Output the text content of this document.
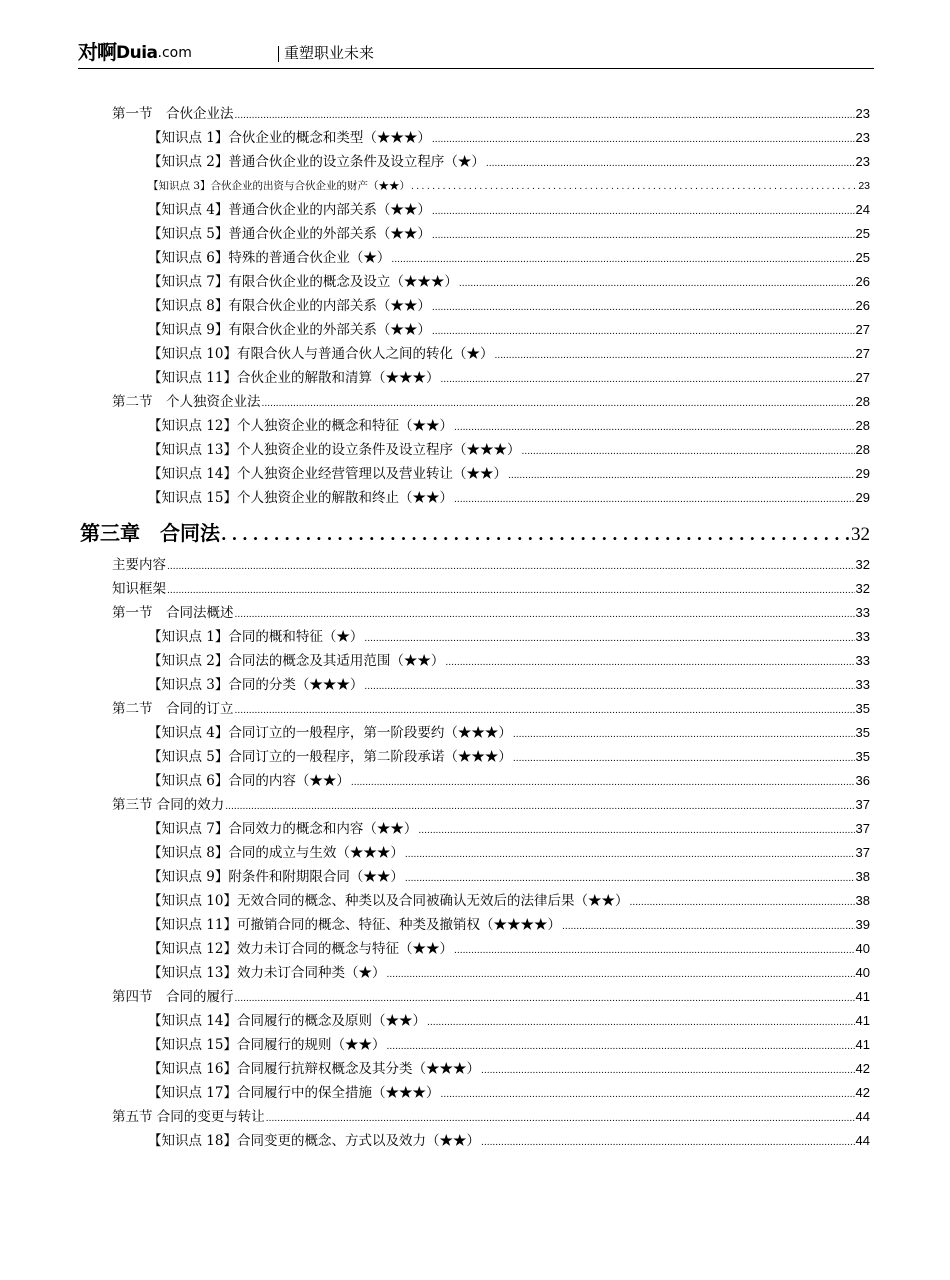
对啊 Duia .com	重塑职业未来
第一节　合伙企业法 .....	23
【知识点 1】合伙企业的概念和类型（★★★） .....	23
【知识点 2】普通合伙企业的设立条件及设立程序（★） .....	23
【知识点 3】合伙企业的出资与合伙企业的财产（★★） .....	23
【知识点 4】普通合伙企业的内部关系（★★） .....	24
【知识点 5】普通合伙企业的外部关系（★★） .....	25
【知识点 6】特殊的普通合伙企业（★） .....	25
【知识点 7】有限合伙企业的概念及设立（★★★） .....	26
【知识点 8】有限合伙企业的内部关系（★★） .....	26
【知识点 9】有限合伙企业的外部关系（★★） .....	27
【知识点 10】有限合伙人与普通合伙人之间的转化（★） .....	27
【知识点 11】合伙企业的解散和清算（★★★） .....	27
第二节　个人独资企业法 .....	28
【知识点 12】个人独资企业的概念和特征（★★） .....	28
【知识点 13】个人独资企业的设立条件及设立程序（★★★） .....	28
【知识点 14】个人独资企业经营管理以及营业转让（★★） .....	29
【知识点 15】个人独资企业的解散和终止（★★） .....	29
第三章　合同法 .....	32
主要内容 .....	32
知识框架 .....	32
第一节　合同法概述 .....	33
【知识点 1】合同的概和特征（★） .....	33
【知识点 2】合同法的概念及其适用范围（★★） .....	33
【知识点 3】合同的分类（★★★） .....	33
第二节　合同的订立 .....	35
【知识点 4】合同订立的一般程序，第一阶段要约（★★★） .....	35
【知识点 5】合同订立的一般程序，第二阶段承诺（★★★） .....	35
【知识点 6】合同的内容（★★） .....	36
第三节 合同的效力 .....	37
【知识点 7】合同效力的概念和内容（★★） .....	37
【知识点 8】合同的成立与生效（★★★） .....	37
【知识点 9】附条件和附期限合同（★★） .....	38
【知识点 10】无效合同的概念、种类以及合同被确认无效后的法律后果（★★） .....	38
【知识点 11】可撤销合同的概念、特征、种类及撤销权（★★★★） .....	39
【知识点 12】效力未订合同的概念与特征（★★） .....	40
【知识点 13】效力未订合同种类（★） .....	40
第四节　合同的履行 .....	41
【知识点 14】合同履行的概念及原则（★★） .....	41
【知识点 15】合同履行的规则（★★） .....	41
【知识点 16】合同履行抗辩权概念及其分类（★★★） .....	42
【知识点 17】合同履行中的保全措施（★★★） .....	42
第五节 合同的变更与转让 .....	44
【知识点 18】合同变更的概念、方式以及效力（★★） .....	44
